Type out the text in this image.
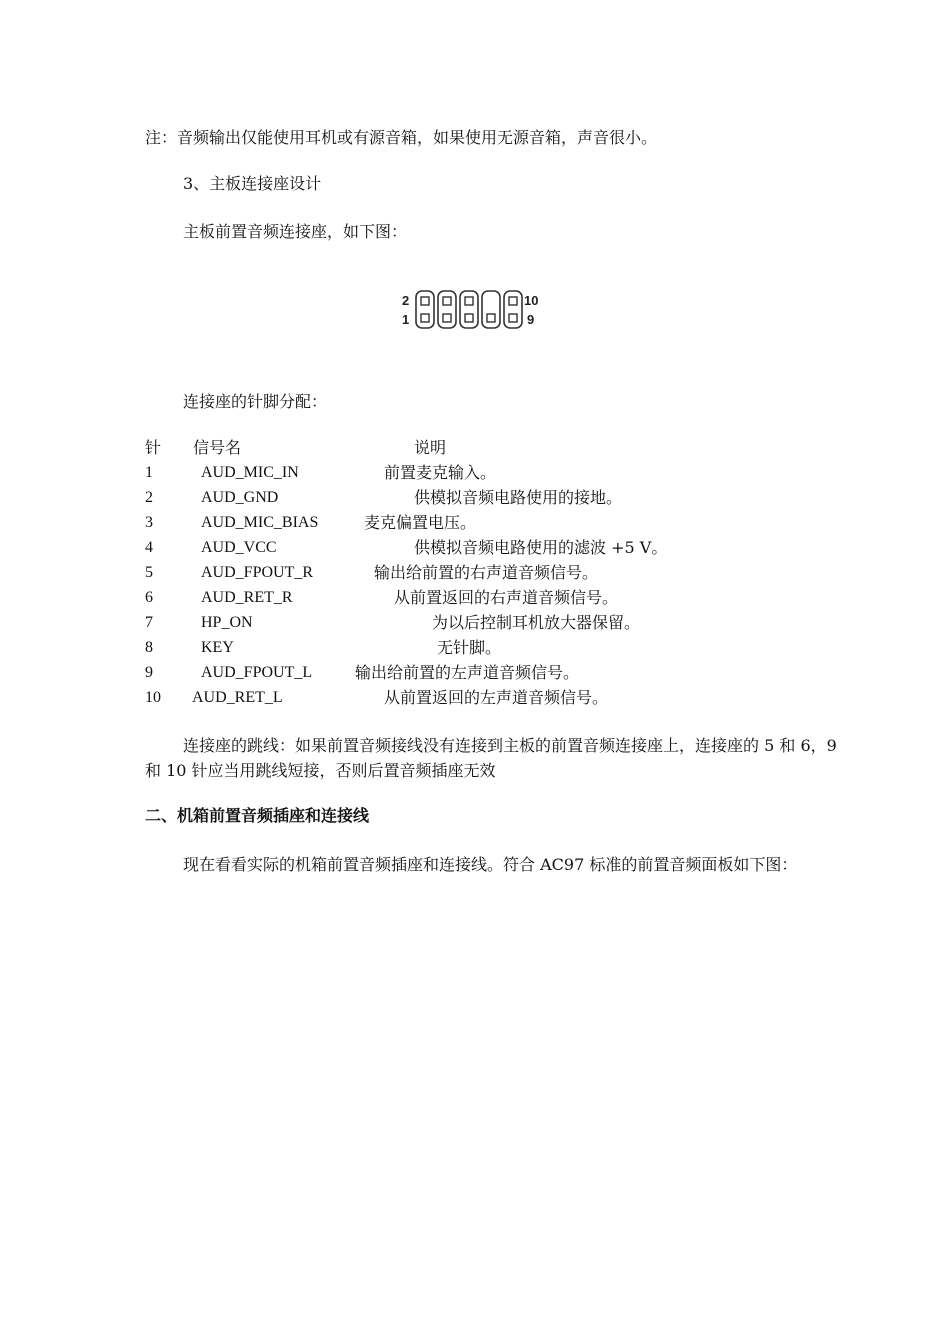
注：音频输出仅能使用耳机或有源音箱，如果使用无源音箱，声音很小。
3、主板连接座设计
主板前置音频连接座，如下图：
2
1
10
9
连接座的针脚分配：
针 信号名	说明
1	AUD_MIC_IN	前置麦克输入。
2	AUD_GND	供模拟音频电路使用的接地。
3	AUD_MIC_BIAS	麦克偏置电压。
4	AUD_VCC	供模拟音频电路使用的滤波 +5 V。
5	AUD_FPOUT_R	输出给前置的右声道音频信号。
6	AUD_RET_R	从前置返回的右声道音频信号。
7	HP_ON	为以后控制耳机放大器保留。
8	KEY	无针脚。
9	AUD_FPOUT_L	输出给前置的左声道音频信号。
10 AUD_RET_L	从前置返回的左声道音频信号。
连接座的跳线：如果前置音频接线没有连接到主板的前置音频连接座上，连接座的 5 和 6，9 和 10 针应当用跳线短接，否则后置音频插座无效
二、机箱前置音频插座和连接线
现在看看实际的机箱前置音频插座和连接线。符合 AC97 标准的前置音频面板如下图：
